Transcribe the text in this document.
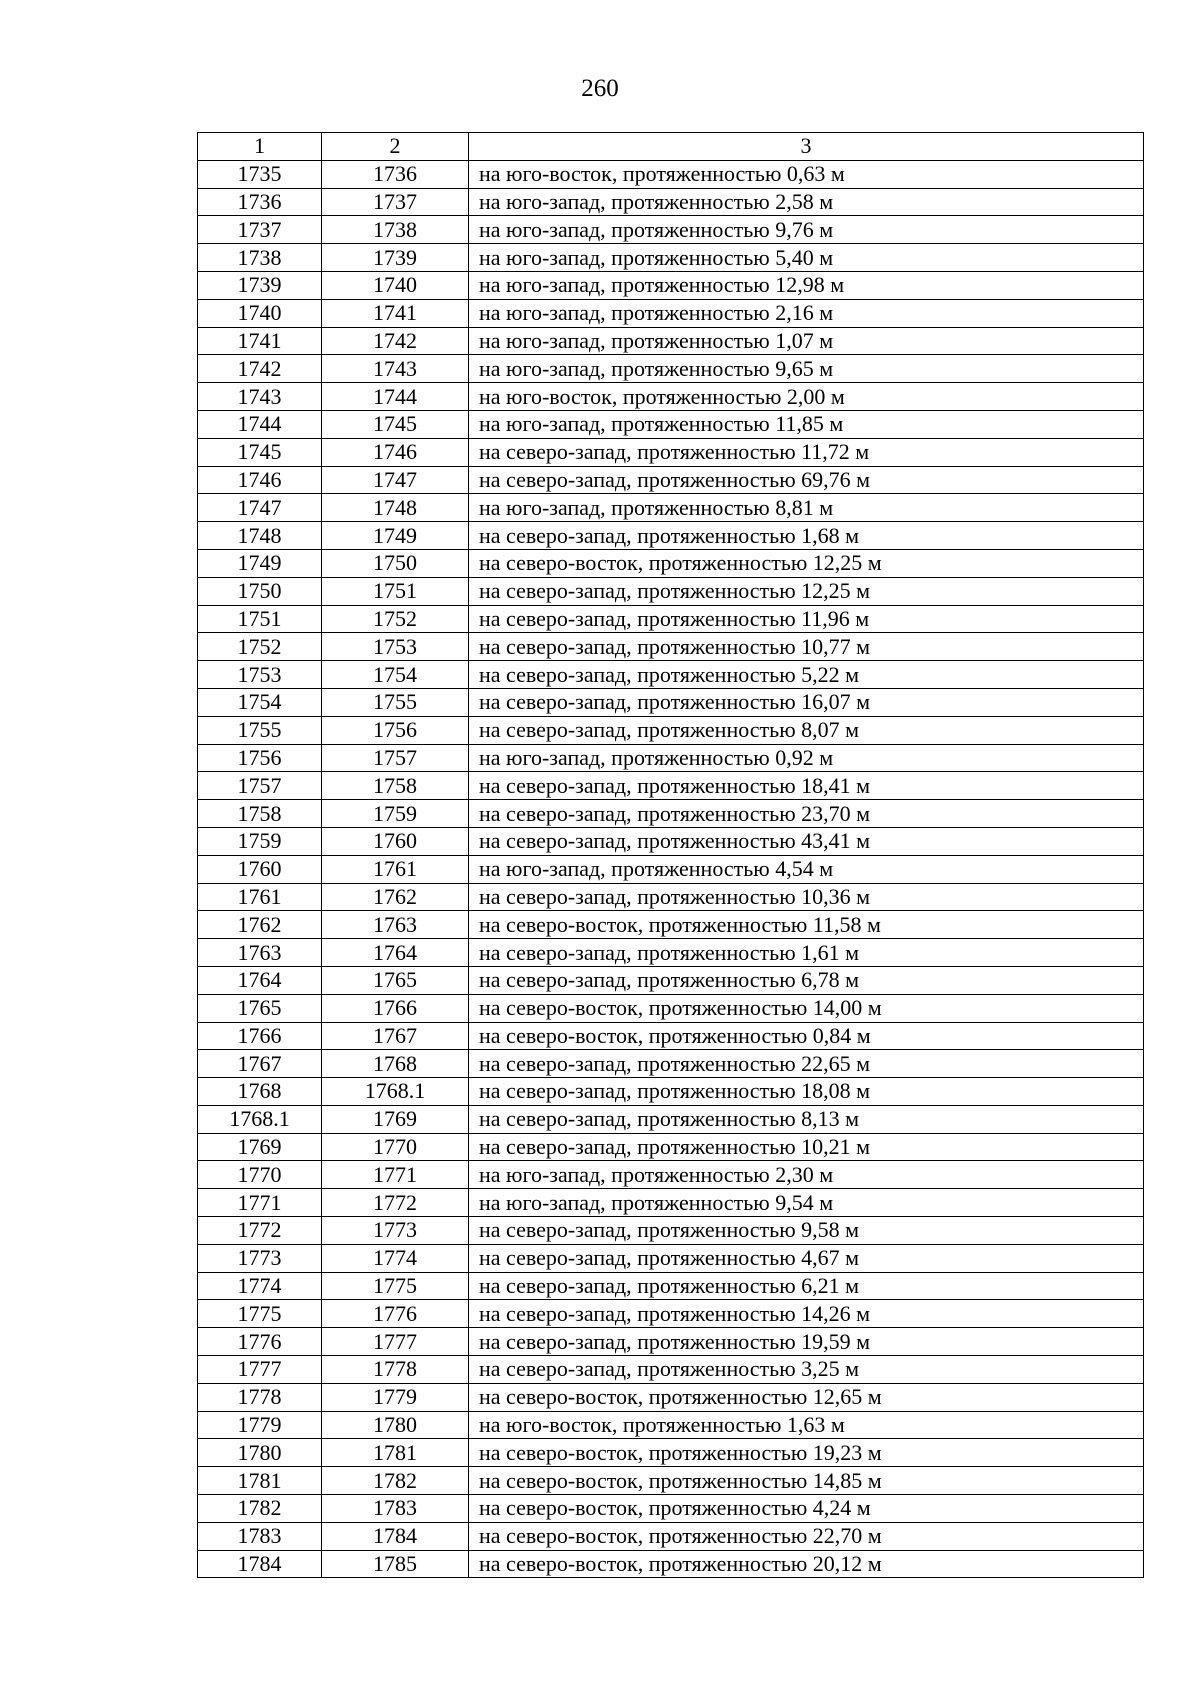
260
1	2	3
1735	1736	на юго-восток, протяженностью 0,63 м
1736	1737	на юго-запад, протяженностью 2,58 м
1737	1738	на юго-запад, протяженностью 9,76 м
1738	1739	на юго-запад, протяженностью 5,40 м
1739	1740	на юго-запад, протяженностью 12,98 м
1740	1741	на юго-запад, протяженностью 2,16 м
1741	1742	на юго-запад, протяженностью 1,07 м
1742	1743	на юго-запад, протяженностью 9,65 м
1743	1744	на юго-восток, протяженностью 2,00 м
1744	1745	на юго-запад, протяженностью 11,85 м
1745	1746	на северо-запад, протяженностью 11,72 м
1746	1747	на северо-запад, протяженностью 69,76 м
1747	1748	на юго-запад, протяженностью 8,81 м
1748	1749	на северо-запад, протяженностью 1,68 м
1749	1750	на северо-восток, протяженностью 12,25 м
1750	1751	на северо-запад, протяженностью 12,25 м
1751	1752	на северо-запад, протяженностью 11,96 м
1752	1753	на северо-запад, протяженностью 10,77 м
1753	1754	на северо-запад, протяженностью 5,22 м
1754	1755	на северо-запад, протяженностью 16,07 м
1755	1756	на северо-запад, протяженностью 8,07 м
1756	1757	на юго-запад, протяженностью 0,92 м
1757	1758	на северо-запад, протяженностью 18,41 м
1758	1759	на северо-запад, протяженностью 23,70 м
1759	1760	на северо-запад, протяженностью 43,41 м
1760	1761	на юго-запад, протяженностью 4,54 м
1761	1762	на северо-запад, протяженностью 10,36 м
1762	1763	на северо-восток, протяженностью 11,58 м
1763	1764	на северо-запад, протяженностью 1,61 м
1764	1765	на северо-запад, протяженностью 6,78 м
1765	1766	на северо-восток, протяженностью 14,00 м
1766	1767	на северо-восток, протяженностью 0,84 м
1767	1768	на северо-запад, протяженностью 22,65 м
1768	1768.1	на северо-запад, протяженностью 18,08 м
1768.1	1769	на северо-запад, протяженностью 8,13 м
1769	1770	на северо-запад, протяженностью 10,21 м
1770	1771	на юго-запад, протяженностью 2,30 м
1771	1772	на юго-запад, протяженностью 9,54 м
1772	1773	на северо-запад, протяженностью 9,58 м
1773	1774	на северо-запад, протяженностью 4,67 м
1774	1775	на северо-запад, протяженностью 6,21 м
1775	1776	на северо-запад, протяженностью 14,26 м
1776	1777	на северо-запад, протяженностью 19,59 м
1777	1778	на северо-запад, протяженностью 3,25 м
1778	1779	на северо-восток, протяженностью 12,65 м
1779	1780	на юго-восток, протяженностью 1,63 м
1780	1781	на северо-восток, протяженностью 19,23 м
1781	1782	на северо-восток, протяженностью 14,85 м
1782	1783	на северо-восток, протяженностью 4,24 м
1783	1784	на северо-восток, протяженностью 22,70 м
1784	1785	на северо-восток, протяженностью 20,12 м
